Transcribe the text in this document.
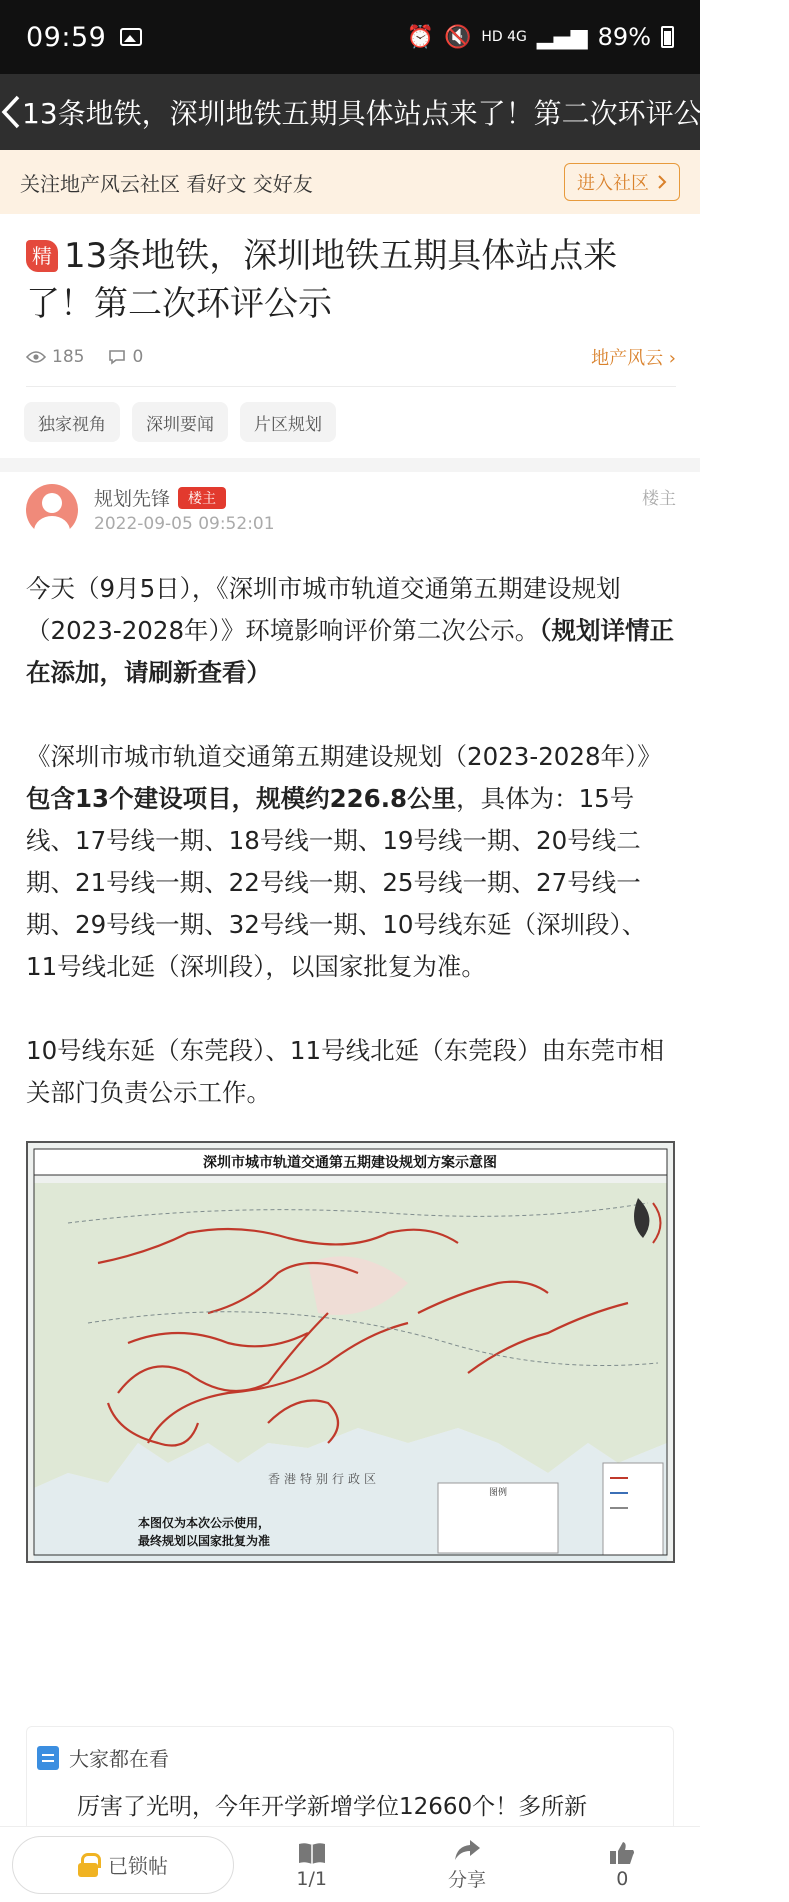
09:59	⏰ 🔇 HD 4G ▂▄▆ 89%
13条地铁，深圳地铁五期具体站点来了！第二次环评公示 •••
关注地产风云社区 看好文 交好友	进入社区
精 13条地铁，深圳地铁五期具体站点来了！第二次环评公示
185	0	地产风云 ›
独家视角	深圳要闻	片区规划
规划先锋	楼主
2022-09-05 09:52:01
楼主

今天（9月5日），《深圳市城市轨道交通第五期建设规划（2023-2028年）》环境影响评价第二次公示。（规划详情正在添加，请刷新查看）

《深圳市城市轨道交通第五期建设规划（2023-2028年）》包含13个建设项目，规模约226.8公里，具体为：15号线、17号线一期、18号线一期、19号线一期、20号线二期、21号线一期、22号线一期、25号线一期、27号线一期、29号线一期、32号线一期、10号线东延（深圳段）、11号线北延（深圳段），以国家批复为准。

10号线东延（东莞段）、11号线北延（东莞段）由东莞市相关部门负责公示工作。

深圳市城市轨道交通第五期建设规划方案示意图
香港特别行政区
本图仅为本次公示使用，
最终规划以国家批复为准
图例
大家都在看
厉害了光明，今年开学新增学位12660个！多所新
已锁帖
1/1	分享	0
